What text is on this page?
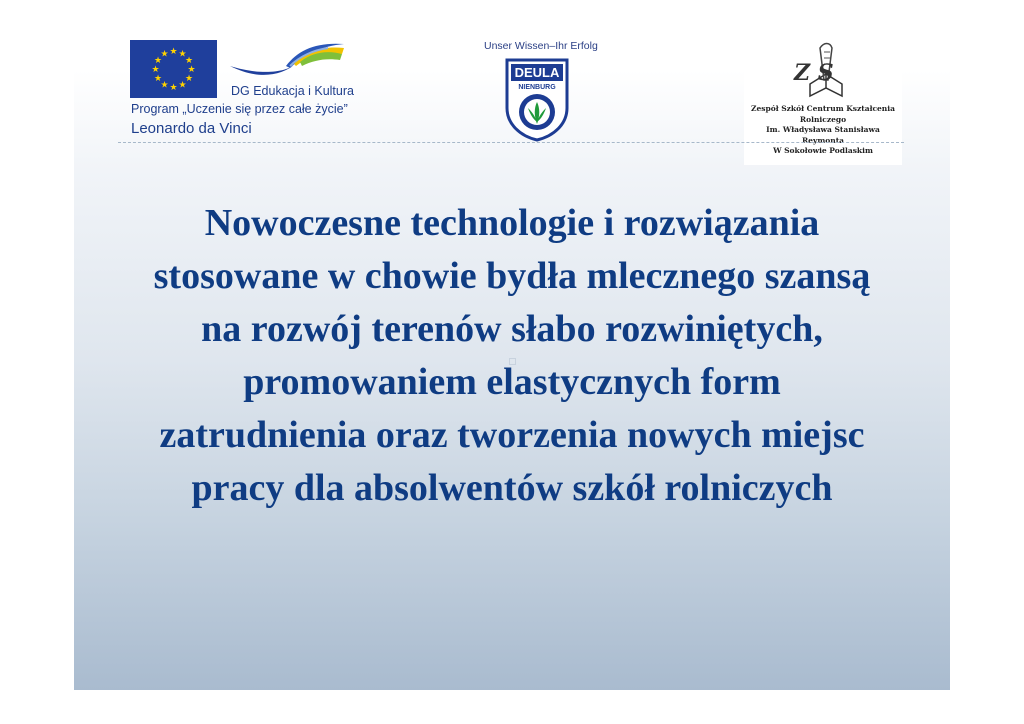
★ ★
★
★
★
★
★
★
★
★
★
★
DG Edukacja i Kultura
Program „Uczenie się przez całe życie”
Leonardo da Vinci
Unser Wissen–Ihr Erfolg
DEULA
NIENBURG
Z S
Zespół Szkół Centrum Kształcenia Rolniczego
Im. Władysława Stanisława Reymonta
W Sokołowie Podlaskim
Nowoczesne technologie i rozwiązania stosowane w chowie bydła mlecznego szansą na rozwój terenów słabo rozwiniętych, promowaniem elastycznych form zatrudnienia oraz tworzenia nowych miejsc pracy dla absolwentów szkół rolniczych
